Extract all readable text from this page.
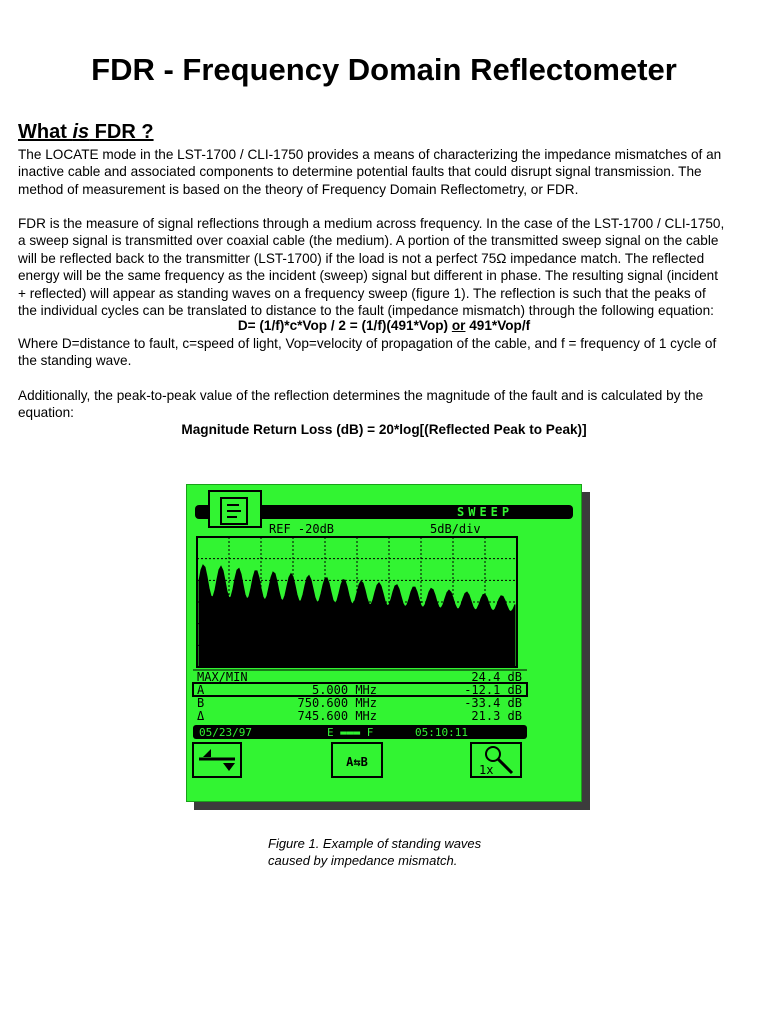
FDR - Frequency Domain Reflectometer
What is FDR ?
The LOCATE mode in the LST-1700 / CLI-1750 provides a means of characterizing the impedance mismatches of an
inactive cable and associated components to determine potential faults that could disrupt signal transmission. The
method of measurement is based on the theory of Frequency Domain Reflectometry, or FDR.
FDR is the measure of signal reflections through a medium across frequency. In the case of the LST-1700 / CLI-1750,
a sweep signal is transmitted over coaxial cable (the medium). A portion of the transmitted sweep signal on the cable
will be reflected back to the transmitter (LST-1700) if the load is not a perfect 75Ω impedance match. The reflected
energy will be the same frequency as the incident (sweep) signal but different in phase. The resulting signal (incident
+ reflected) will appear as standing waves on a frequency sweep (figure 1). The reflection is such that the peaks of
the individual cycles can be translated to distance to the fault (impedance mismatch) through the following equation:
D= (1/f)*c*Vop / 2 = (1/f)(491*Vop) or 491*Vop/f
Where D=distance to fault, c=speed of light, Vop=velocity of propagation of the cable, and f = frequency of 1 cycle of
the standing wave.
Additionally, the peak-to-peak value of the reflection determines the magnitude of the fault and is calculated by the
equation:
Magnitude Return Loss (dB) = 20*log[(Reflected Peak to Peak)]
SWEEP
REF -20dB	5dB/div
MAX/MIN	24.4 dB
A	5.000 MHz	-12.1 dB
B	750.600 MHz	-33.4 dB
Δ	745.600 MHz	21.3 dB
05/23/97	E ▬▬▬ F	05:10:11
A⇆B
1x
Figure 1. Example of standing waves
caused by impedance mismatch.
